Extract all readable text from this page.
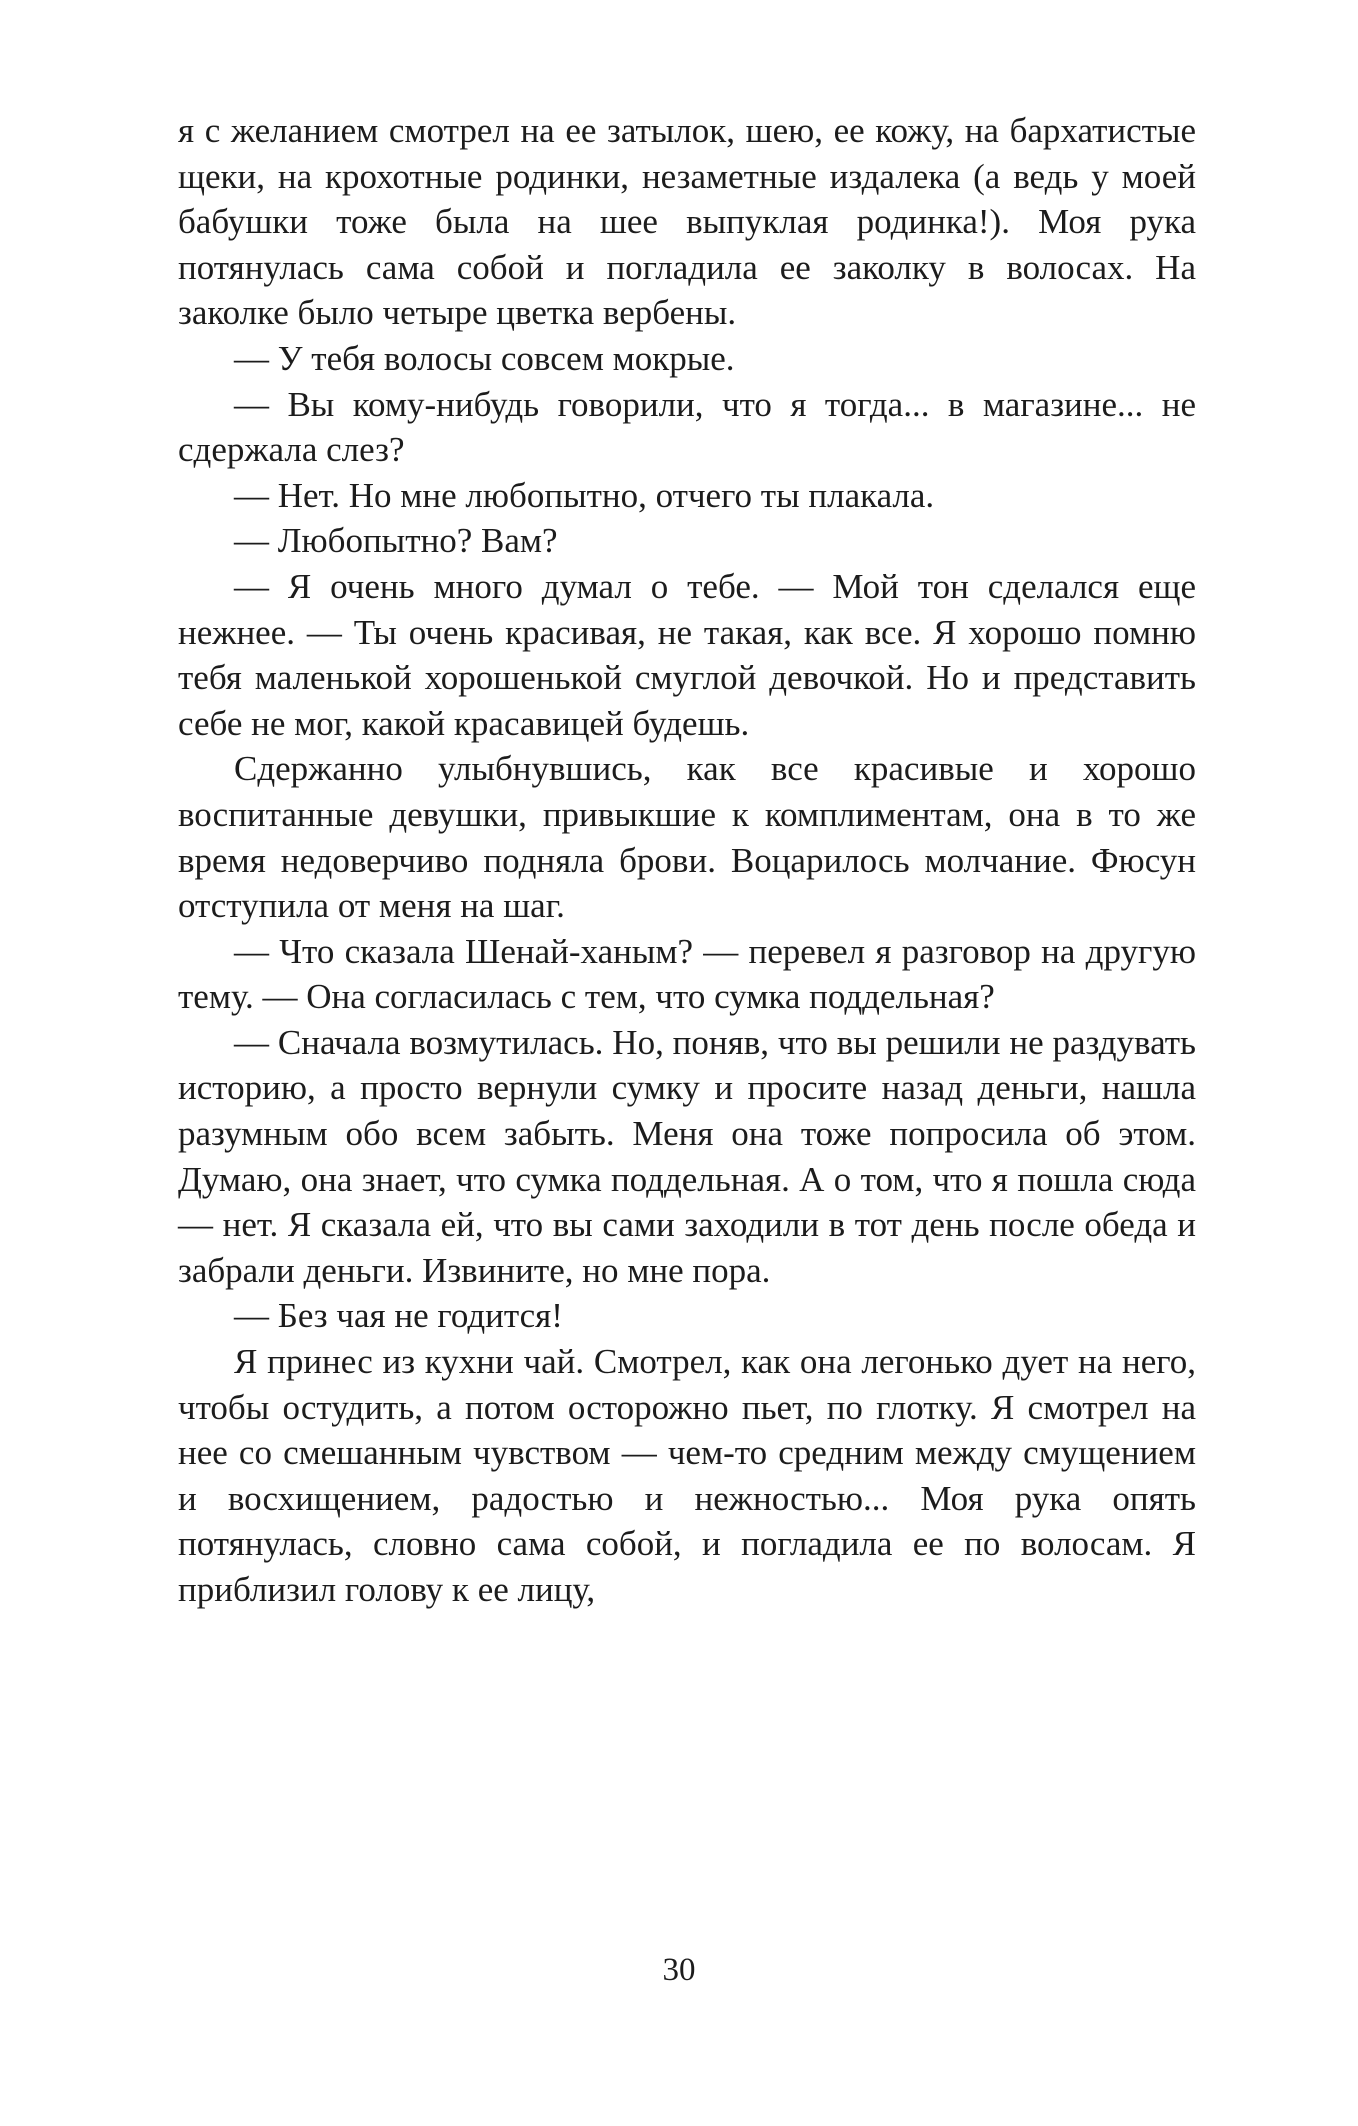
я с желанием смотрел на ее затылок, шею, ее кожу, на бархатистые щеки, на крохотные родинки, незаметные издалека (а ведь у моей бабушки тоже была на шее выпуклая родинка!). Моя рука потянулась сама собой и погладила ее заколку в волосах. На заколке было четыре цветка вербены.

— У тебя волосы совсем мокрые.

— Вы кому-нибудь говорили, что я тогда... в магазине... не сдержала слез?

— Нет. Но мне любопытно, отчего ты плакала.

— Любопытно? Вам?

— Я очень много думал о тебе. — Мой тон сделался еще нежнее. — Ты очень красивая, не такая, как все. Я хорошо помню тебя маленькой хорошенькой смуглой девочкой. Но и представить себе не мог, какой красавицей будешь.

Сдержанно улыбнувшись, как все красивые и хорошо воспитанные девушки, привыкшие к комплиментам, она в то же время недоверчиво подняла брови. Воцарилось молчание. Фюсун отступила от меня на шаг.

— Что сказала Шенай-ханым? — перевел я разговор на другую тему. — Она согласилась с тем, что сумка поддельная?

— Сначала возмутилась. Но, поняв, что вы решили не раздувать историю, а просто вернули сумку и просите назад деньги, нашла разумным обо всем забыть. Меня она тоже попросила об этом. Думаю, она знает, что сумка поддельная. А о том, что я пошла сюда — нет. Я сказала ей, что вы сами заходили в тот день после обеда и забрали деньги. Извините, но мне пора.

— Без чая не годится!

Я принес из кухни чай. Смотрел, как она легонько дует на него, чтобы остудить, а потом осторожно пьет, по глотку. Я смотрел на нее со смешанным чувством — чем-то средним между смущением и восхищением, радостью и нежностью... Моя рука опять потянулась, словно сама собой, и погладила ее по волосам. Я приблизил голову к ее лицу,

30
